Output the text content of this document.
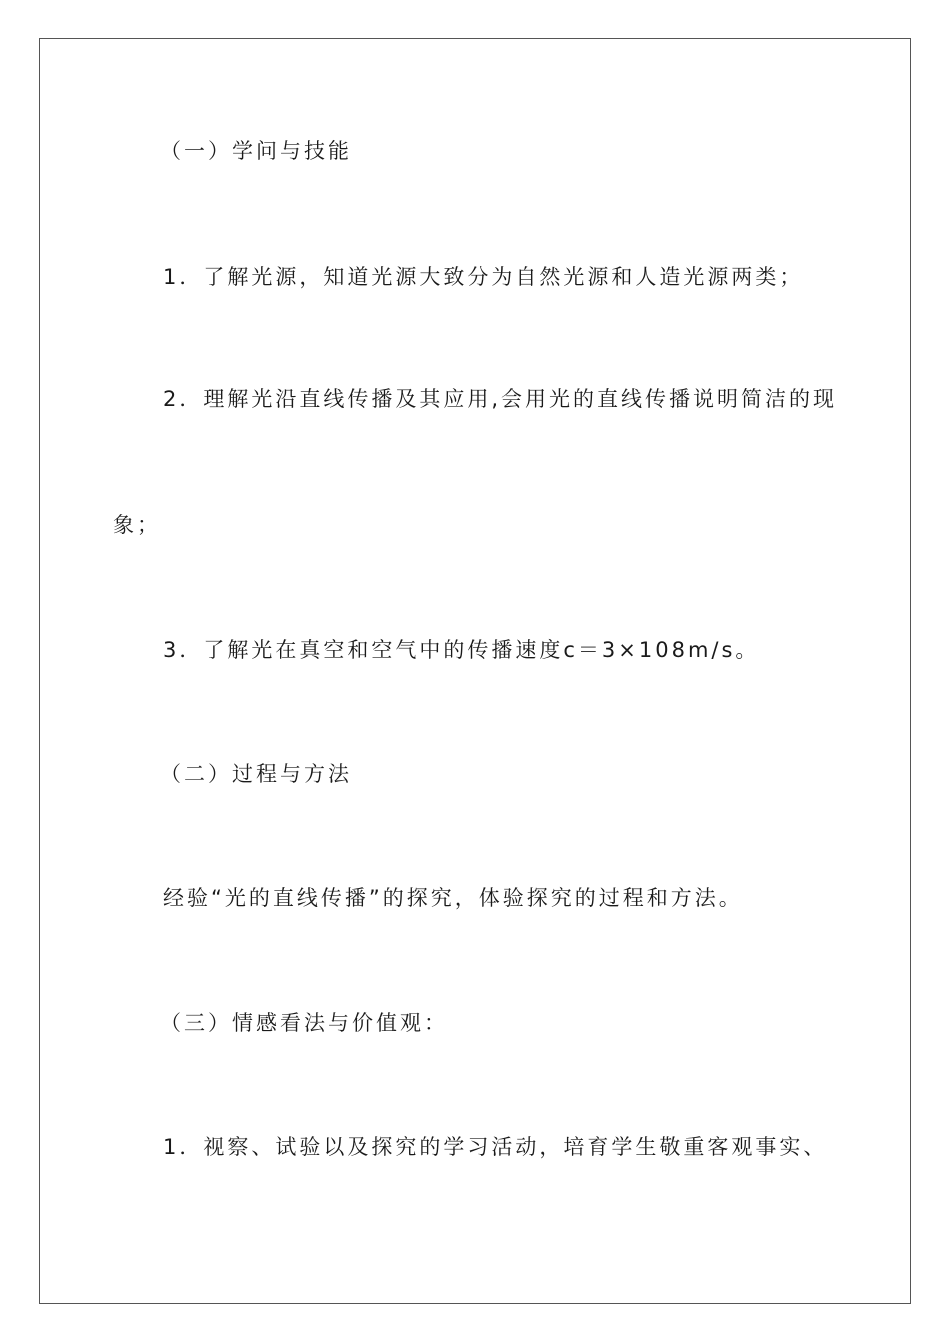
（一）学问与技能
1．了解光源，知道光源大致分为自然光源和人造光源两类；
2．理解光沿直线传播及其应用,会用光的直线传播说明简洁的现
象；
3．了解光在真空和空气中的传播速度c＝3×108m/s。
（二）过程与方法
经验“光的直线传播”的探究，体验探究的过程和方法。
（三）情感看法与价值观：
1．视察、试验以及探究的学习活动，培育学生敬重客观事实、
